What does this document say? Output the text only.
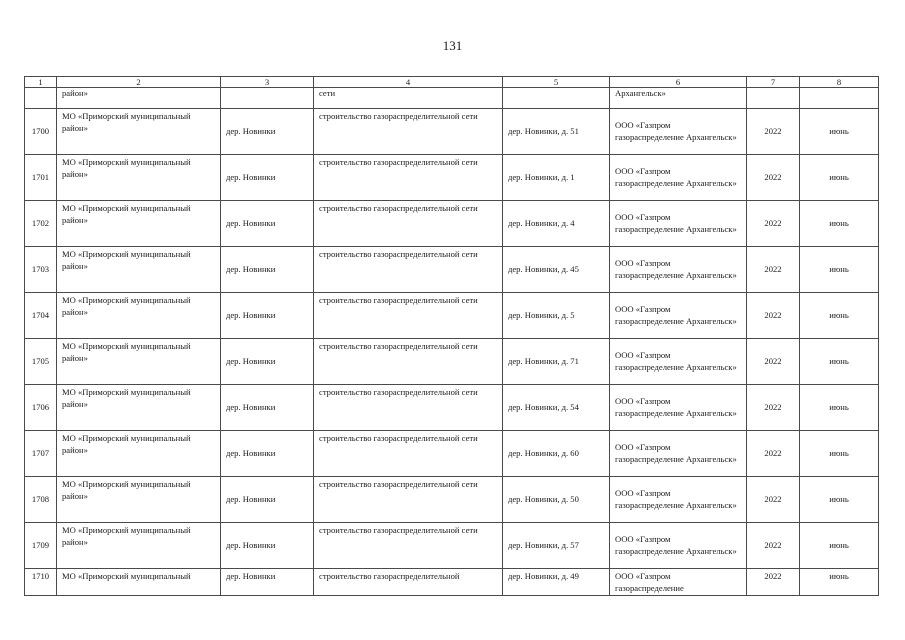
131
1	2	3	4	5	6	7	8
	район»		сети		Архангельск»		
1700	МО «Приморский муниципальный район»	дер. Новинки	строительство газораспределительной сети	дер. Новинки, д. 51	ООО «Газпром газораспределение Архангельск»	2022	июнь
1701	МО «Приморский муниципальный район»	дер. Новинки	строительство газораспределительной сети	дер. Новинки, д. 1	ООО «Газпром газораспределение Архангельск»	2022	июнь
1702	МО «Приморский муниципальный район»	дер. Новинки	строительство газораспределительной сети	дер. Новинки, д. 4	ООО «Газпром газораспределение Архангельск»	2022	июнь
1703	МО «Приморский муниципальный район»	дер. Новинки	строительство газораспределительной сети	дер. Новинки, д. 45	ООО «Газпром газораспределение Архангельск»	2022	июнь
1704	МО «Приморский муниципальный район»	дер. Новинки	строительство газораспределительной сети	дер. Новинки, д. 5	ООО «Газпром газораспределение Архангельск»	2022	июнь
1705	МО «Приморский муниципальный район»	дер. Новинки	строительство газораспределительной сети	дер. Новинки, д. 71	ООО «Газпром газораспределение Архангельск»	2022	июнь
1706	МО «Приморский муниципальный район»	дер. Новинки	строительство газораспределительной сети	дер. Новинки, д. 54	ООО «Газпром газораспределение Архангельск»	2022	июнь
1707	МО «Приморский муниципальный район»	дер. Новинки	строительство газораспределительной сети	дер. Новинки, д. 60	ООО «Газпром газораспределение Архангельск»	2022	июнь
1708	МО «Приморский муниципальный район»	дер. Новинки	строительство газораспределительной сети	дер. Новинки, д. 50	ООО «Газпром газораспределение Архангельск»	2022	июнь
1709	МО «Приморский муниципальный район»	дер. Новинки	строительство газораспределительной сети	дер. Новинки, д. 57	ООО «Газпром газораспределение Архангельск»	2022	июнь
1710	МО «Приморский муниципальный	дер. Новинки	строительство газораспределительной	дер. Новинки, д. 49	ООО «Газпром газораспределение	2022	июнь
